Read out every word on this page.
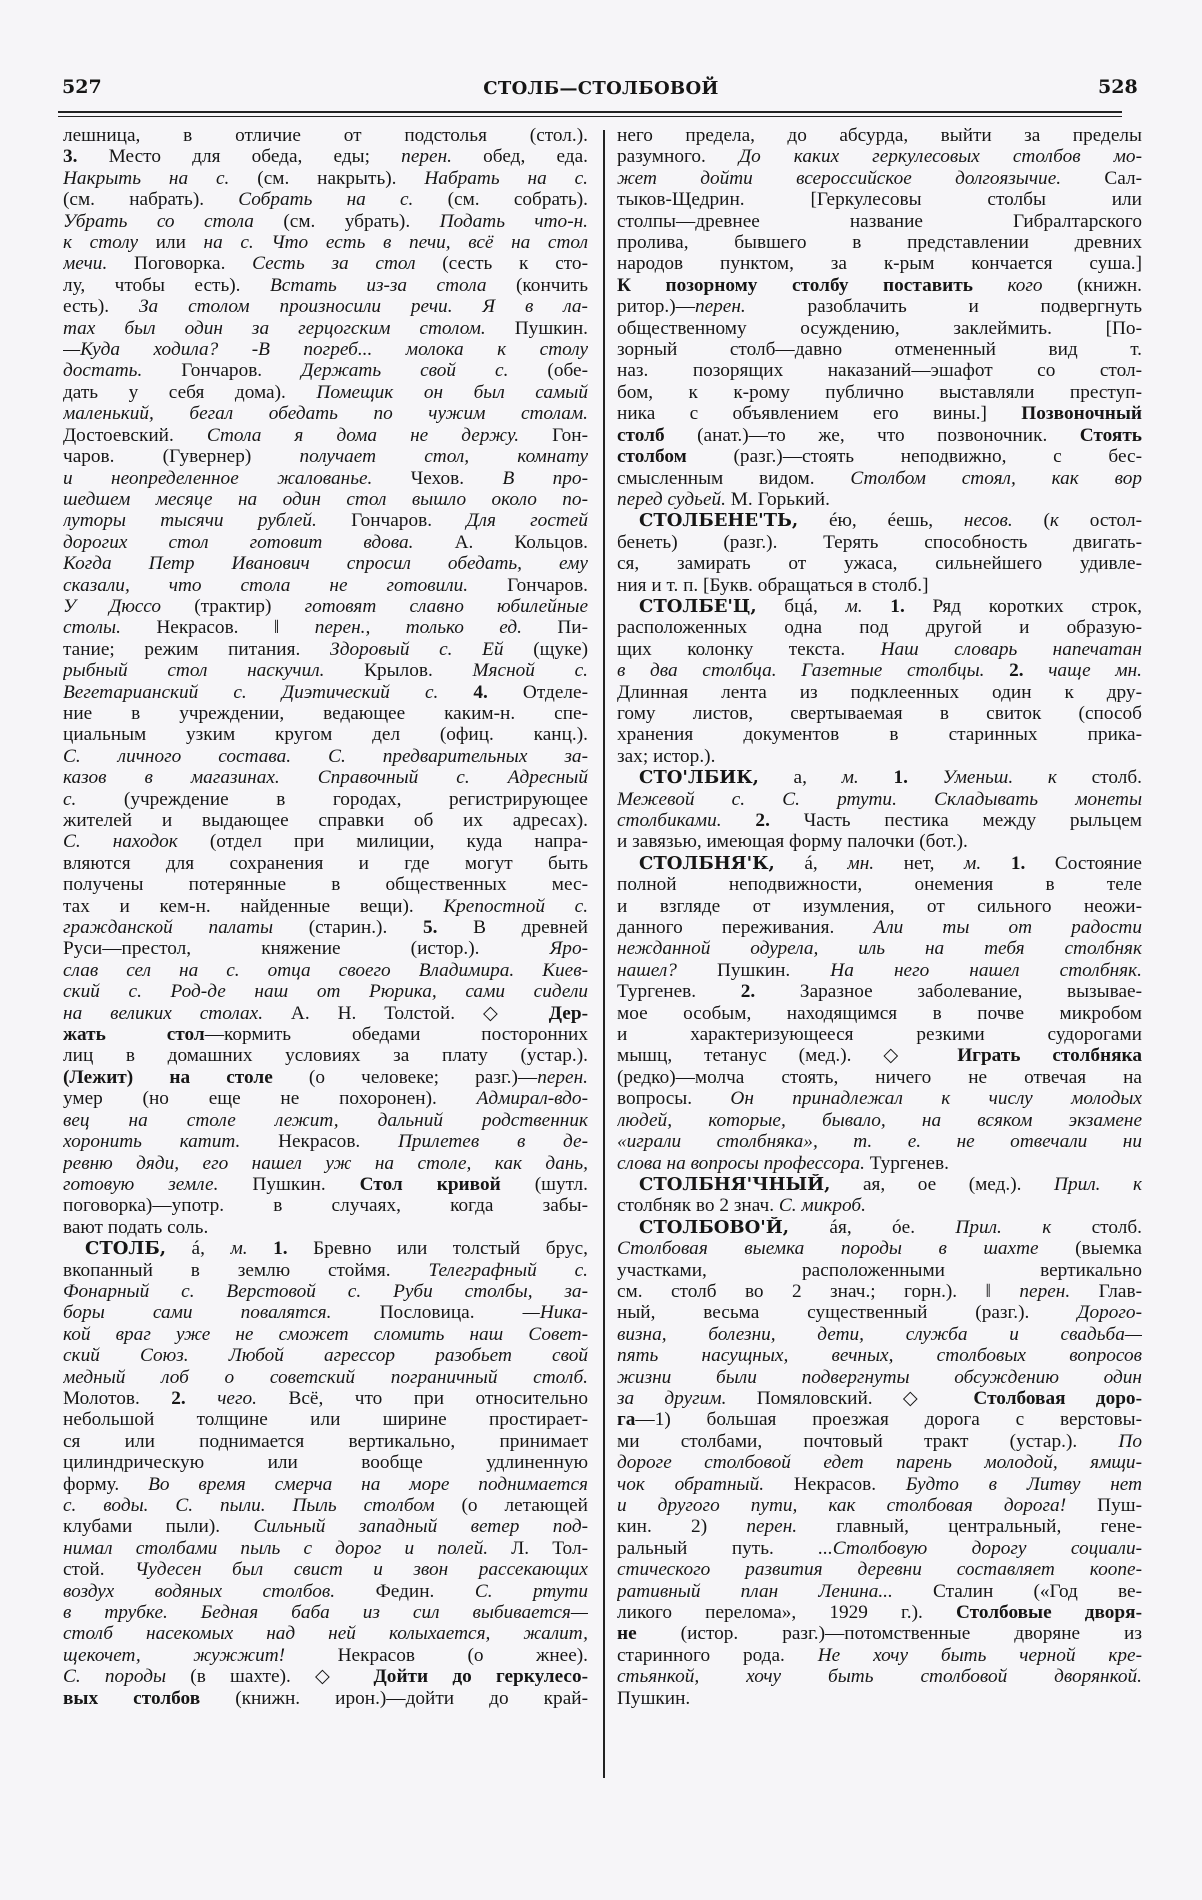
527	СТОЛБ—СТОЛБОВОЙ	528
лешница, в отличие от подстолья (стол.).
3. Место для обеда, еды; перен. обед, еда.
Накрыть на с. (см. накрыть). Набрать на с.
(см. набрать). Собрать на с. (см. собрать).
Убрать со стола (см. убрать). Подать что-н.
к столу или на с. Что есть в печи, всё на стол
мечи. Поговорка. Сесть за стол (сесть к сто-
лу, чтобы есть). Встать из-за стола (кончить
есть). За столом произносили речи. Я в ла-
тах был один за герцогским столом. Пушкин.
—Куда ходила? -В погреб... молока к столу
достать. Гончаров. Держать свой с. (обе-
дать у себя дома). Помещик он был самый
маленький, бегал обедать по чужим столам.
Достоевский. Стола я дома не держу. Гон-
чаров. (Гувернер) получает стол, комнату
и неопределенное жалованье. Чехов. В про-
шедшем месяце на один стол вышло около по-
луторы тысячи рублей. Гончаров. Для гостей
дорогих стол готовит вдова. А. Кольцов.
Когда Петр Иванович спросил обедать, ему
сказали, что стола не готовили. Гончаров.
У Дюссо (трактир) готовят славно юбилейные
столы. Некрасов. ‖ перен., только ед. Пи-
тание; режим питания. Здоровый с. Ей (щуке)
рыбный стол наскучил. Крылов. Мясной с.
Вегетарианский с. Диэтический с. 4. Отделе-
ние в учреждении, ведающее каким-н. спе-
циальным узким кругом дел (офиц. канц.).
С. личного состава. С. предварительных за-
казов в магазинах. Справочный с. Адресный
с. (учреждение в городах, регистрирующее
жителей и выдающее справки об их адресах).
С. находок (отдел при милиции, куда напра-
вляются для сохранения и где могут быть
получены потерянные в общественных мес-
тах и кем-н. найденные вещи). Крепостной с.
гражданской палаты (старин.). 5. В древней
Руси—престол, княжение (истор.). Яро-
слав сел на с. отца своего Владимира. Киев-
ский с. Род-де наш от Рюрика, сами сидели
на великих столах. А. Н. Толстой. ◇ Дер-
жать стол—кормить обедами посторонних
лиц в домашних условиях за плату (устар.).
(Лежит) на столе (о человеке; разг.)—перен.
умер (но еще не похоронен). Адмирал-вдо-
вец на столе лежит, дальний родственник
хоронить катит. Некрасов. Прилетев в де-
ревню дяди, его нашел уж на столе, как дань,
готовую земле. Пушкин. Стол кривой (шутл.
поговорка)—употр. в случаях, когда забы-
вают подать соль.
СТОЛБ, á, м. 1. Бревно или толстый брус,
вкопанный в землю стоймя. Телеграфный с.
Фонарный с. Верстовой с. Руби столбы, за-
боры сами повалятся. Пословица. —Ника-
кой враг уже не сможет сломить наш Совет-
ский Союз. Любой агрессор разобьет свой
медный лоб о советский пограничный столб.
Молотов. 2. чего. Всё, что при относительно
небольшой толщине или ширине простирает-
ся или поднимается вертикально, принимает
цилиндрическую или вообще удлиненную
форму. Во время смерча на море поднимается
с. воды. С. пыли. Пыль столбом (о летающей
клубами пыли). Сильный западный ветер под-
нимал столбами пыль с дорог и полей. Л. Тол-
стой. Чудесен был свист и звон рассекающих
воздух водяных столбов. Федин. С. ртути
в трубке. Бедная баба из сил выбивается—
столб насекомых над ней колыхается, жалит,
щекочет, жужжит! Некрасов (о жнее).
С. породы (в шахте). ◇ Дойти до геркулесо-
вых столбов (книжн. ирон.)—дойти до край-
него предела, до абсурда, выйти за пределы
разумного. До каких геркулесовых столбов мо-
жет дойти всероссийское долгоязычие. Сал-
тыков-Щедрин. [Геркулесовы столбы или
столпы—древнее название Гибралтарского
пролива, бывшего в представлении древних
народов пунктом, за к-рым кончается суша.]
К позорному столбу поставить кого (книжн.
ритор.)—перен. разоблачить и подвергнуть
общественному осуждению, заклеймить. [По-
зорный столб—давно отмененный вид т.
наз. позорящих наказаний—эшафот со стол-
бом, к к-рому публично выставляли преступ-
ника с объявлением его вины.] Позвоночный
столб (анат.)—то же, что позвоночник. Стоять
столбом (разг.)—стоять неподвижно, с бес-
смысленным видом. Столбом стоял, как вор
перед судьей. М. Горький.
СТОЛБЕНЕ'ТЬ, éю, éешь, несов. (к остол-
бенеть) (разг.). Терять способность двигать-
ся, замирать от ужаса, сильнейшего удивле-
ния и т. п. [Букв. обращаться в столб.]
СТОЛБЕ'Ц, бцá, м. 1. Ряд коротких строк,
расположенных одна под другой и образую-
щих колонку текста. Наш словарь напечатан
в два столбца. Газетные столбцы. 2. чаще мн.
Длинная лента из подклеенных один к дру-
гому листов, свертываемая в свиток (способ
хранения документов в старинных прика-
зах; истор.).
СТО'ЛБИК, а, м. 1. Уменьш. к столб.
Межевой с. С. ртути. Складывать монеты
столбиками. 2. Часть пестика между рыльцем
и завязью, имеющая форму палочки (бот.).
СТОЛБНЯ'К, á, мн. нет, м. 1. Состояние
полной неподвижности, онемения в теле
и взгляде от изумления, от сильного неожи-
данного переживания. Али ты от радости
нежданной одурела, иль на тебя столбняк
нашел? Пушкин. На него нашел столбняк.
Тургенев. 2. Заразное заболевание, вызывае-
мое особым, находящимся в почве микробом
и характеризующееся резкими судорогами
мышц, тетанус (мед.). ◇ Играть столбняка
(редко)—молча стоять, ничего не отвечая на
вопросы. Он принадлежал к числу молодых
людей, которые, бывало, на всяком экзамене
«играли столбняка», т. е. не отвечали ни
слова на вопросы профессора. Тургенев.
СТОЛБНЯ'ЧНЫЙ, ая, ое (мед.). Прил. к
столбняк во 2 знач. С. микроб.
СТОЛБОВО'Й, áя, óе. Прил. к столб.
Столбовая выемка породы в шахте (выемка
участками, расположенными вертикально
см. столб во 2 знач.; горн.). ‖ перен. Глав-
ный, весьма существенный (разг.). Дорого-
визна, болезни, дети, служба и свадьба—
пять насущных, вечных, столбовых вопросов
жизни были подвергнуты обсуждению один
за другим. Помяловский. ◇ Столбовая доро-
га—1) большая проезжая дорога с верстовы-
ми столбами, почтовый тракт (устар.). По
дороге столбовой едет парень молодой, ямщи-
чок обратный. Некрасов. Будто в Литву нет
и другого пути, как столбовая дорога! Пуш-
кин. 2) перен. главный, центральный, гене-
ральный путь. ...Столбовую дорогу социали-
стического развития деревни составляет коопе-
ративный план Ленина... Сталин («Год ве-
ликого перелома», 1929 г.). Столбовые дворя-
не (истор. разг.)—потомственные дворяне из
старинного рода. Не хочу быть черной кре-
стьянкой, хочу быть столбовой дворянкой.
Пушкин.
